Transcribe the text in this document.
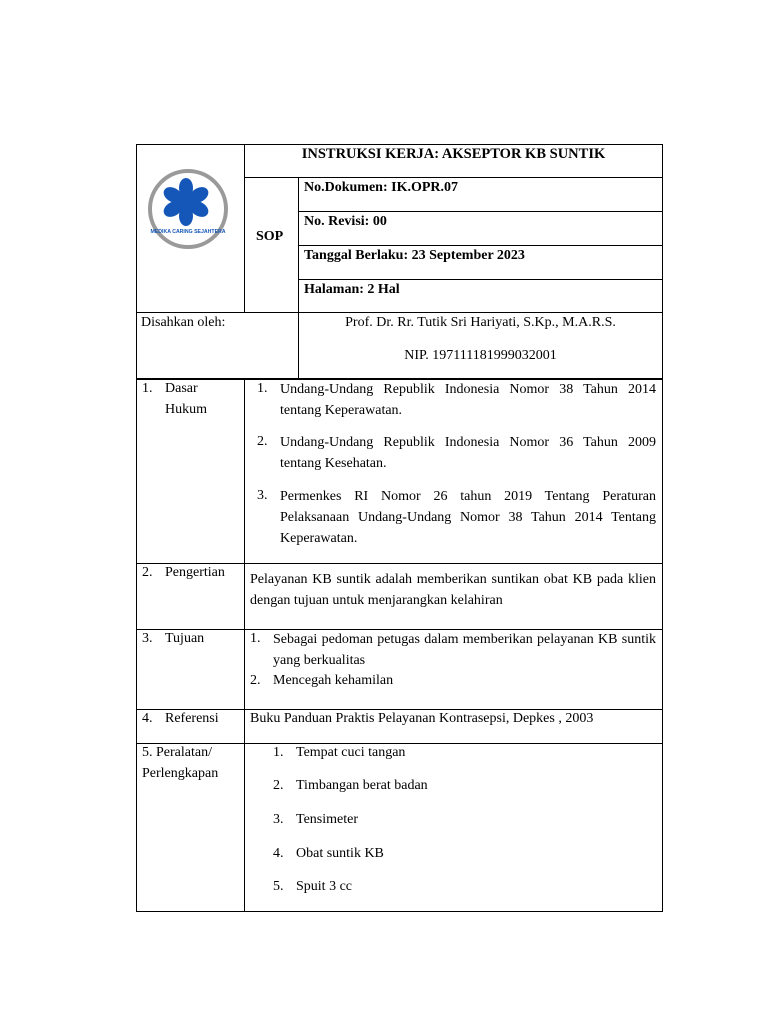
MEDIKA CARING SEJAHTERA
INSTRUKSI KERJA: AKSEPTOR KB SUNTIK
SOP
No.Dokumen: IK.OPR.07
No. Revisi: 00
Tanggal Berlaku: 23 September 2023
Halaman: 2 Hal
Disahkan oleh:	Prof. Dr. Rr. Tutik Sri Hariyati, S.Kp., M.A.R.S.
NIP. 197111181999032001
1. Dasar
Hukum
1. Undang-Undang Republik Indonesia Nomor 38 Tahun 2014 tentang Keperawatan.
2. Undang-Undang Republik Indonesia Nomor 36 Tahun 2009 tentang Kesehatan.
3. Permenkes RI Nomor 26 tahun 2019 Tentang Peraturan Pelaksanaan Undang-Undang Nomor 38 Tahun 2014 Tentang Keperawatan.
2. Pengertian Pelayanan KB suntik adalah memberikan suntikan obat KB pada klien dengan tujuan untuk menjarangkan kelahiran
3. Tujuan	1. Sebagai pedoman petugas dalam memberikan pelayanan KB suntik yang berkualitas
2. Mencegah kehamilan
4. Referensi Buku Panduan Praktis Pelayanan Kontrasepsi, Depkes , 2003
5. Peralatan/
Perlengkapan
1. Tempat cuci tangan
2. Timbangan berat badan
3. Tensimeter
4. Obat suntik KB
5. Spuit 3 cc
